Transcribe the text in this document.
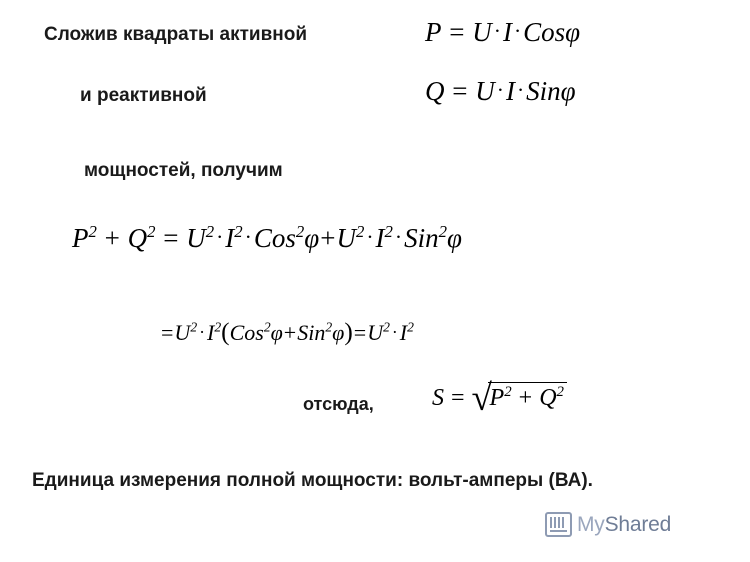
Сложив квадраты активной
и реактивной
мощностей, получим
отсюда,
Единица измерения полной мощности: вольт-амперы (ВА).
P = U·I·Cosφ
Q = U·I·Sinφ
$P^2 + Q^2 = U^2\cdot I^2\cdot Cos^2\varphi+U^2\cdot I^2\cdot Sin^2\varphi$
$=U^2 \cdot I^2(Cos^2\varphi+Sin^2\varphi)=U^2 \cdot I^2$
S = √
$P^2 + Q^2$
MyShared
